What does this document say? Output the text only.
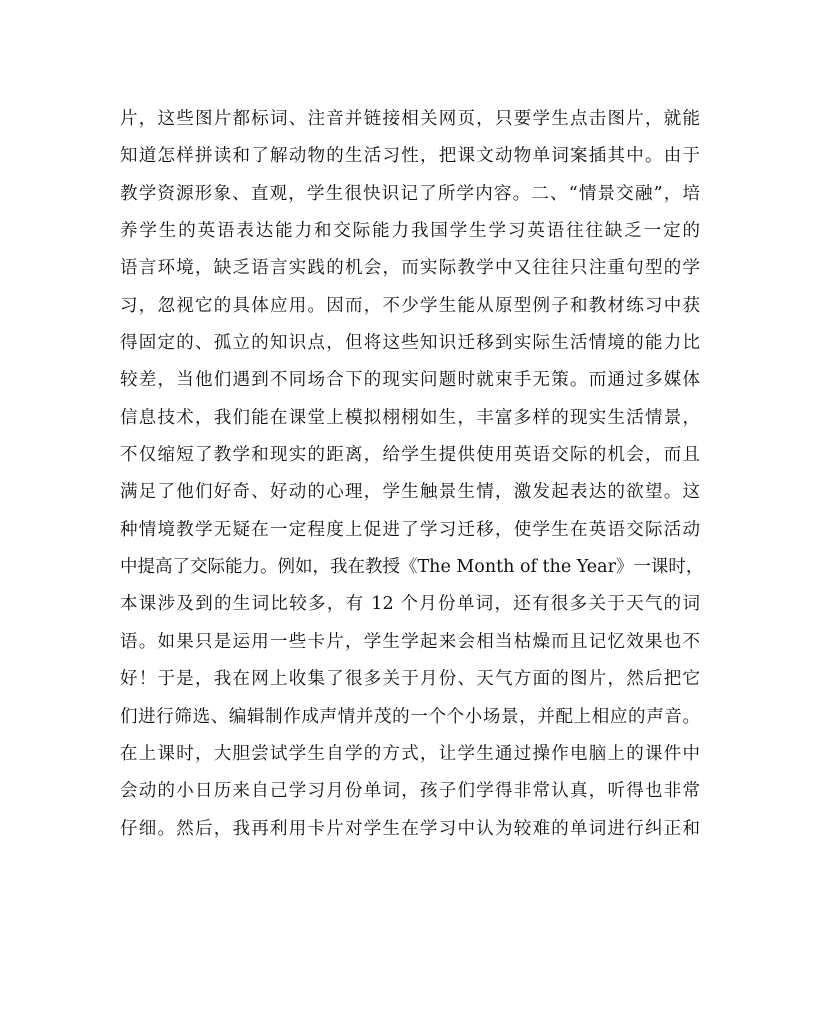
片，这些图片都标词、注音并链接相关网页，只要学生点击图片，就能
知道怎样拼读和了解动物的生活习性，把课文动物单词案插其中。由于
教学资源形象、直观，学生很快识记了所学内容。二、“情景交融”，培
养学生的英语表达能力和交际能力我国学生学习英语往往缺乏一定的
语言环境，缺乏语言实践的机会，而实际教学中又往往只注重句型的学
习，忽视它的具体应用。因而，不少学生能从原型例子和教材练习中获
得固定的、孤立的知识点，但将这些知识迁移到实际生活情境的能力比
较差，当他们遇到不同场合下的现实问题时就束手无策。而通过多媒体
信息技术，我们能在课堂上模拟栩栩如生，丰富多样的现实生活情景，
不仅缩短了教学和现实的距离，给学生提供使用英语交际的机会，而且
满足了他们好奇、好动的心理，学生触景生情，激发起表达的欲望。这
种情境教学无疑在一定程度上促进了学习迁移，使学生在英语交际活动
中提高了交际能力。例如，我在教授《The Month of the Year》一课时，
本课涉及到的生词比较多，有 12 个月份单词，还有很多关于天气的词
语。如果只是运用一些卡片，学生学起来会相当枯燥而且记忆效果也不
好！于是，我在网上收集了很多关于月份、天气方面的图片，然后把它
们进行筛选、编辑制作成声情并茂的一个个小场景，并配上相应的声音。
在上课时，大胆尝试学生自学的方式，让学生通过操作电脑上的课件中
会动的小日历来自己学习月份单词，孩子们学得非常认真，听得也非常
仔细。然后，我再利用卡片对学生在学习中认为较难的单词进行纠正和
